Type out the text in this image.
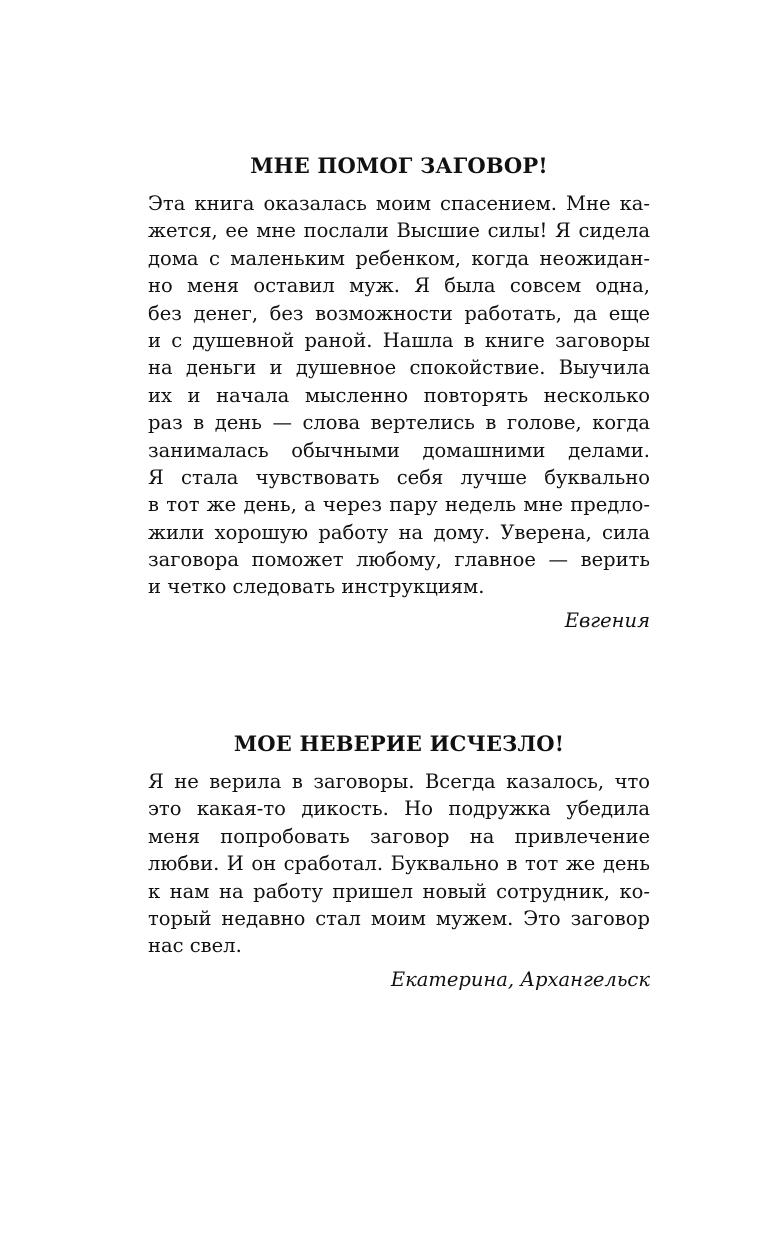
МНЕ ПОМОГ ЗАГОВОР!
Эта книга оказалась моим спасением. Мне ка-
жется, ее мне послали Высшие силы! Я сидела
дома с маленьким ребенком, когда неожидан-
но меня оставил муж. Я была совсем одна,
без денег, без возможности работать, да еще
и с душевной раной. Нашла в книге заговоры
на деньги и душевное спокойствие. Выучила
их и начала мысленно повторять несколько
раз в день — слова вертелись в голове, когда
занималась обычными домашними делами.
Я стала чувствовать себя лучше буквально
в тот же день, а через пару недель мне предло-
жили хорошую работу на дому. Уверена, сила
заговора поможет любому, главное — верить
и четко следовать инструкциям.
Евгения
МОЕ НЕВЕРИЕ ИСЧЕЗЛО!
Я не верила в заговоры. Всегда казалось, что
это какая-то дикость. Но подружка убедила
меня попробовать заговор на привлечение
любви. И он сработал. Буквально в тот же день
к нам на работу пришел новый сотрудник, ко-
торый недавно стал моим мужем. Это заговор
нас свел.
Екатерина, Архангельск
